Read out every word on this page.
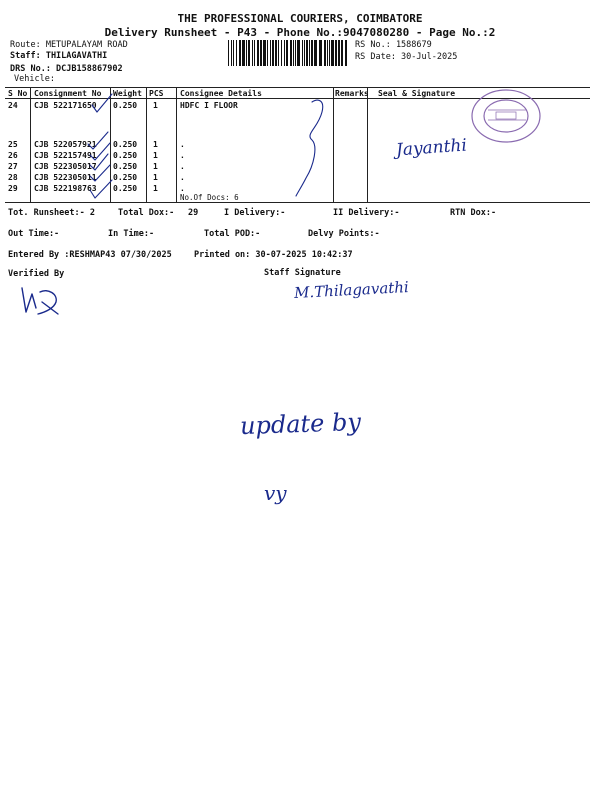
THE PROFESSIONAL COURIERS, COIMBATORE
Delivery Runsheet - P43 - Phone No.:9047080280 - Page No.:2
Route: METUPALAYAM ROAD
Staff: THILAGAVATHI
DRS No.: DCJB158867902
Vehicle:
RS No.: 1588679
RS Date: 30-Jul-2025
S No Consignment No Weight PCS Consignee Details	Remarks Seal & Signature
24 CJB 522171650 0.250 1	HDFC I FLOOR
25 CJB 522057921 0.250 1	.
26 CJB 522157491 0.250 1	.
27 CJB 522305017 0.250 1	.
28 CJB 522305011 0.250 1	.
29 CJB 522198763 0.250 1	.
No.Of Docs: 6
Tot. Runsheet:- 2	Total Dox:- 29	I Delivery:-	II Delivery:-	RTN Dox:-
Out Time:-	In Time:-	Total POD:-	Delvy Points:-
Entered By :RESHMAP43 07/30/2025	Printed on: 30-07-2025 10:42:37
Verified By	Staff Signature
Jayanthi
M.Thilagavathi
update by
vy
